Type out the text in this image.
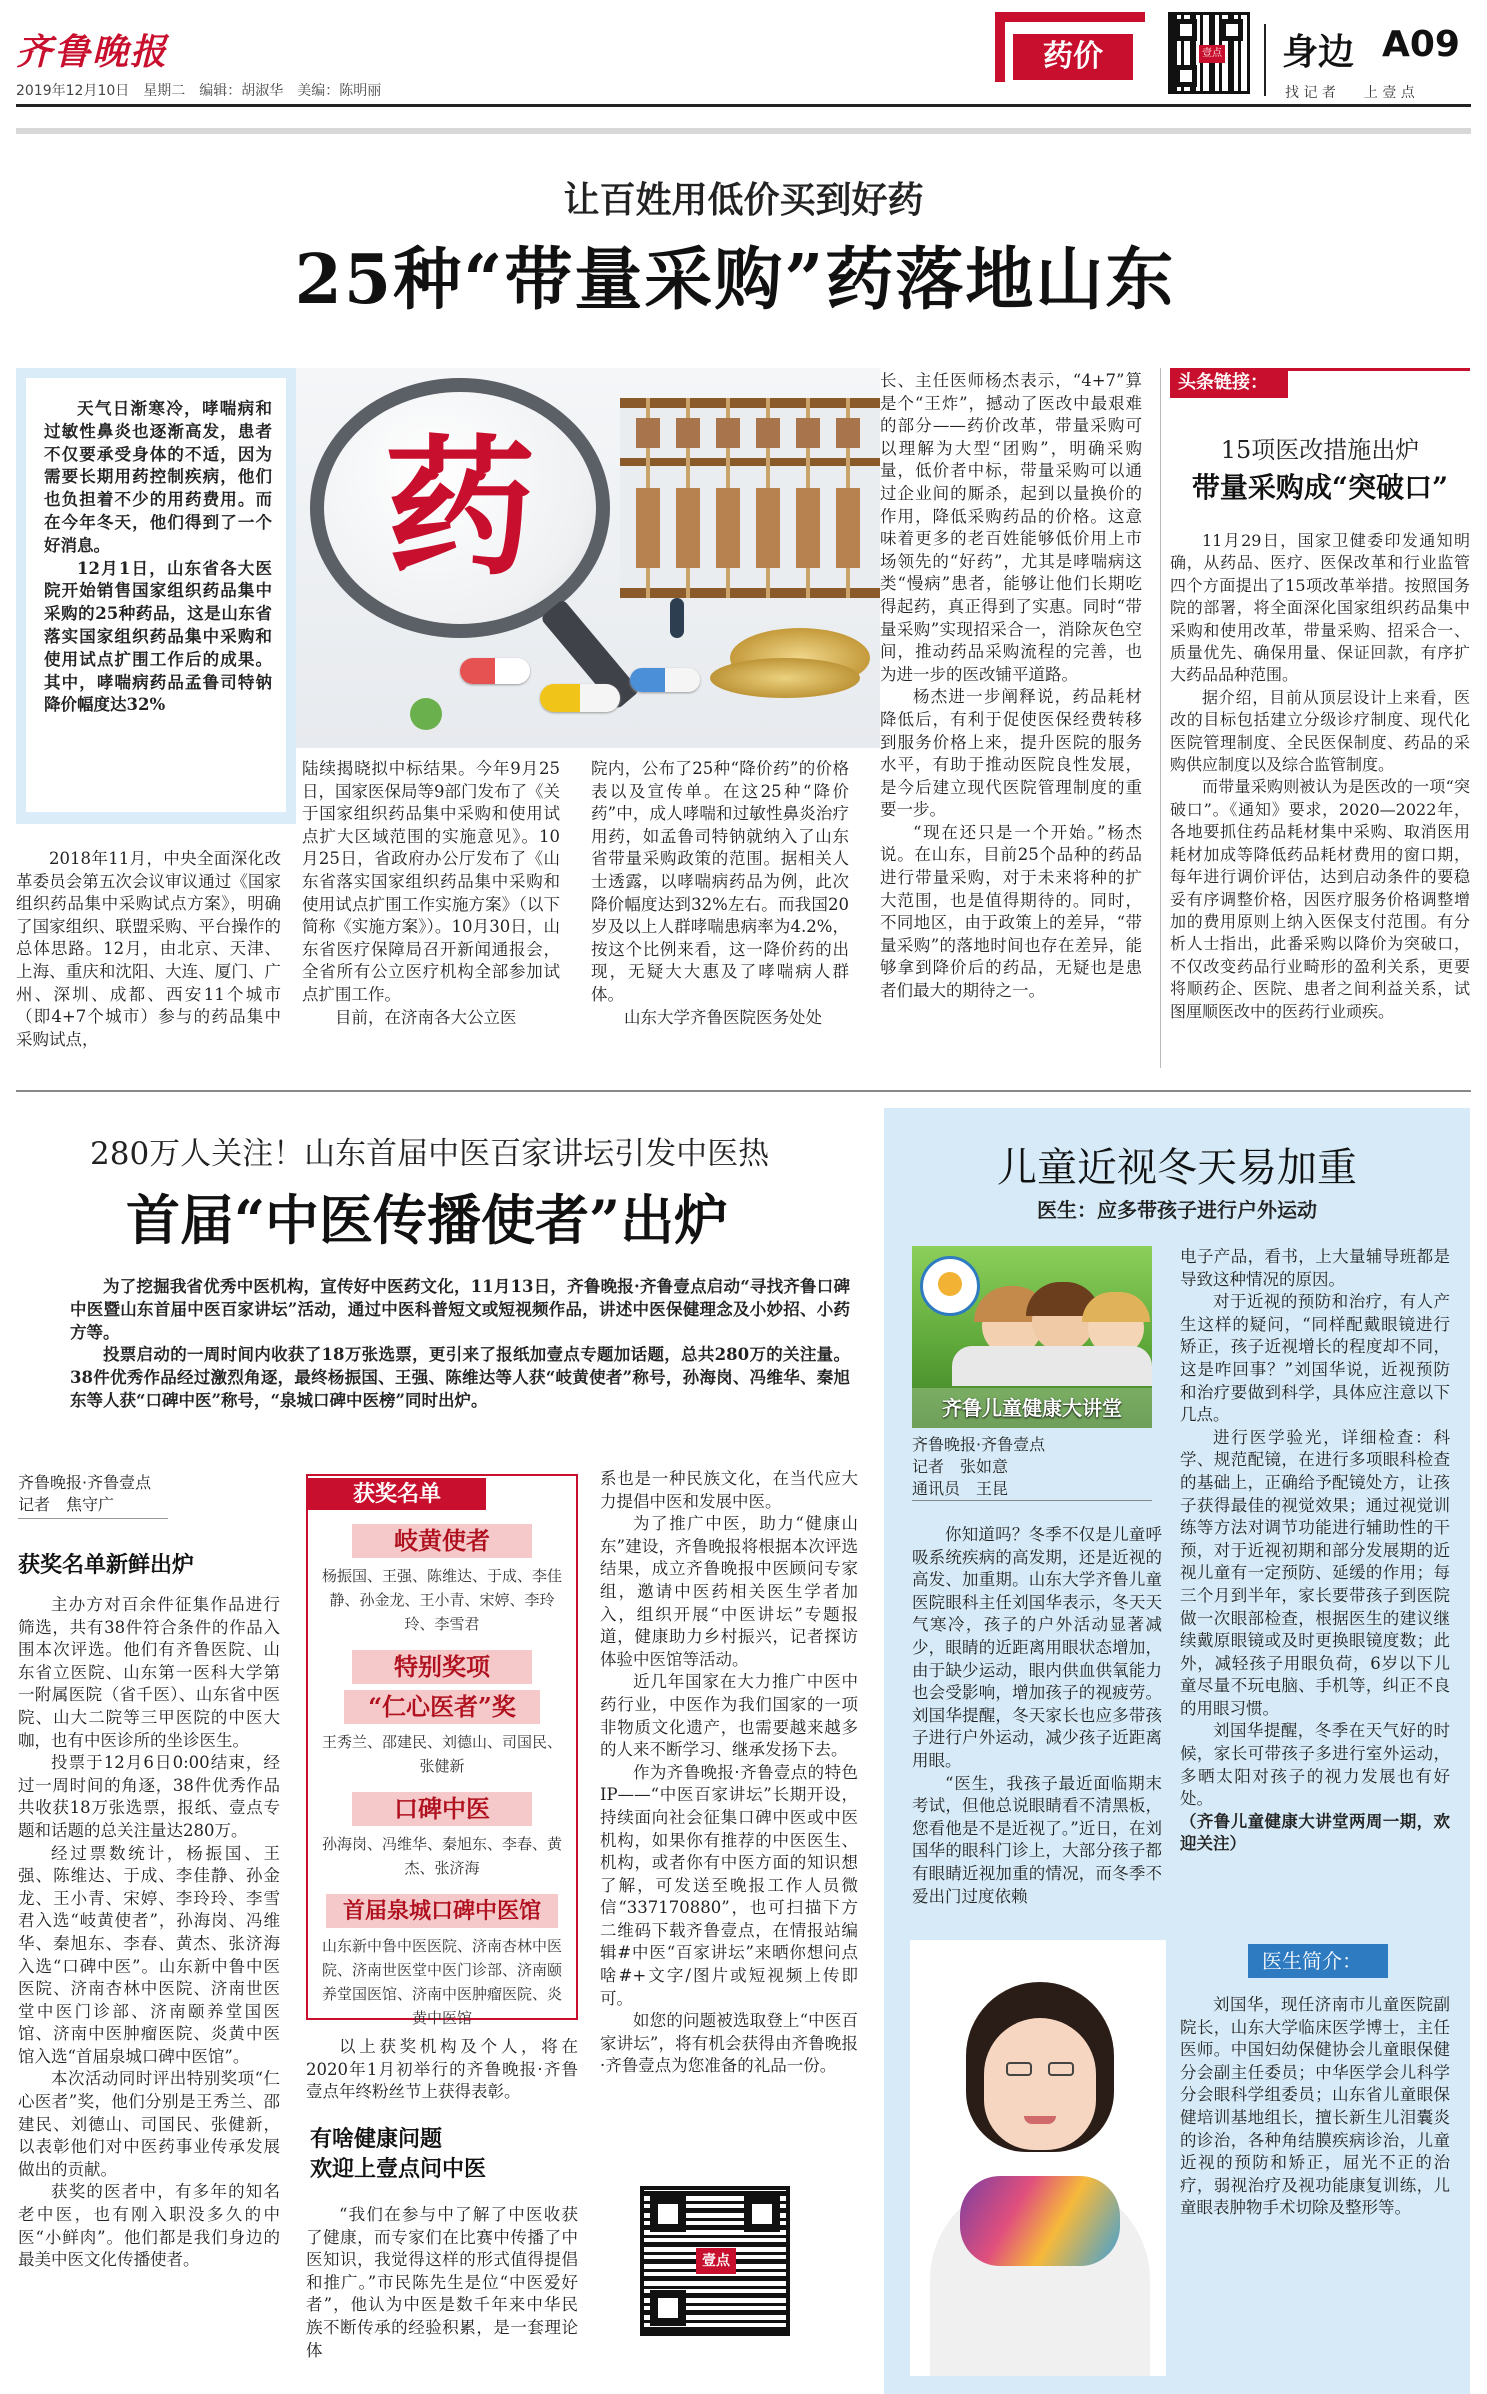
齐鲁晚报
2019年12月10日　星期二　编辑：胡淑华　美编：陈明丽
药价	壹点 身边 A09
找 记 者　　上 壹 点
让百姓用低价买到好药
25种“带量采购”药落地山东
药

天气日渐寒冷，哮喘病和过敏性鼻炎也逐渐高发，患者不仅要承受身体的不适，因为需要长期用药控制疾病，他们也负担着不少的用药费用。而在今年冬天，他们得到了一个好消息。

12月1日，山东省各大医院开始销售国家组织药品集中采购的25种药品，这是山东省落实国家组织药品集中采购和使用试点扩围工作后的成果。其中，哮喘病药品孟鲁司特钠降价幅度达32%

2018年11月，中央全面深化改革委员会第五次会议审议通过《国家组织药品集中采购试点方案》，明确了国家组织、联盟采购、平台操作的总体思路。12月，由北京、天津、上海、重庆和沈阳、大连、厦门、广州、深圳、成都、西安11个城市（即4+7个城市）参与的药品集中采购试点，

陆续揭晓拟中标结果。今年9月25日，国家医保局等9部门发布了《关于国家组织药品集中采购和使用试点扩大区域范围的实施意见》。10月25日，省政府办公厅发布了《山东省落实国家组织药品集中采购和使用试点扩围工作实施方案》（以下简称《实施方案》）。10月30日，山东省医疗保障局召开新闻通报会，全省所有公立医疗机构全部参加试点扩围工作。

目前，在济南各大公立医

院内，公布了25种“降价药”的价格表以及宣传单。在这25种“降价药”中，成人哮喘和过敏性鼻炎治疗用药，如孟鲁司特钠就纳入了山东省带量采购政策的范围。据相关人士透露，以哮喘病药品为例，此次降价幅度达到32%左右。而我国20岁及以上人群哮喘患病率为4.2%，按这个比例来看，这一降价药的出现，无疑大大惠及了哮喘病人群体。

山东大学齐鲁医院医务处处

长、主任医师杨杰表示，“4+7”算是个“王炸”，撼动了医改中最艰难的部分——药价改革，带量采购可以理解为大型“团购”，明确采购量，低价者中标，带量采购可以通过企业间的厮杀，起到以量换价的作用，降低采购药品的价格。这意味着更多的老百姓能够低价用上市场领先的“好药”，尤其是哮喘病这类“慢病”患者，能够让他们长期吃得起药，真正得到了实惠。同时“带量采购”实现招采合一，消除灰色空间，推动药品采购流程的完善，也为进一步的医改铺平道路。

杨杰进一步阐释说，药品耗材降低后，有利于促使医保经费转移到服务价格上来，提升医院的服务水平，有助于推动医院良性发展，是今后建立现代医院管理制度的重要一步。

“现在还只是一个开始。”杨杰说。在山东，目前25个品种的药品进行带量采购，对于未来将种的扩大范围，也是值得期待的。同时，不同地区，由于政策上的差异，“带量采购”的落地时间也存在差异，能够拿到降价后的药品，无疑也是患者们最大的期待之一。

头条链接：
15项医改措施出炉
带量采购成“突破口”

11月29日，国家卫健委印发通知明确，从药品、医疗、医保改革和行业监管四个方面提出了15项改革举措。按照国务院的部署，将全面深化国家组织药品集中采购和使用改革，带量采购、招采合一、质量优先、确保用量、保证回款，有序扩大药品品种范围。

据介绍，目前从顶层设计上来看，医改的目标包括建立分级诊疗制度、现代化医院管理制度、全民医保制度、药品的采购供应制度以及综合监管制度。

而带量采购则被认为是医改的一项“突破口”。《通知》要求，2020—2022年，各地要抓住药品耗材集中采购、取消医用耗材加成等降低药品耗材费用的窗口期，每年进行调价评估，达到启动条件的要稳妥有序调整价格，因医疗服务价格调整增加的费用原则上纳入医保支付范围。有分析人士指出，此番采购以降价为突破口，不仅改变药品行业畸形的盈利关系，更要将顺药企、医院、患者之间利益关系，试图厘顺医改中的医药行业顽疾。

280万人关注！山东首届中医百家讲坛引发中医热
首届“中医传播使者”出炉

为了挖掘我省优秀中医机构，宣传好中医药文化，11月13日，齐鲁晚报·齐鲁壹点启动“寻找齐鲁口碑中医暨山东首届中医百家讲坛”活动，通过中医科普短文或短视频作品，讲述中医保健理念及小妙招、小药方等。

投票启动的一周时间内收获了18万张选票，更引来了报纸加壹点专题加话题，总共280万的关注量。38件优秀作品经过激烈角逐，最终杨振国、王强、陈维达等人获“岐黄使者”称号，孙海岗、冯维华、秦旭东等人获“口碑中医”称号，“泉城口碑中医榜”同时出炉。

齐鲁晚报·齐鲁壹点
记者　焦守广
获奖名单新鲜出炉

主办方对百余件征集作品进行筛选，共有38件符合条件的作品入围本次评选。他们有齐鲁医院、山东省立医院、山东第一医科大学第一附属医院（省千医）、山东省中医院、山大二院等三甲医院的中医大咖，也有中医诊所的坐诊医生。

投票于12月6日0:00结束，经过一周时间的角逐，38件优秀作品共收获18万张选票，报纸、壹点专题和话题的总关注量达280万。

经过票数统计，杨振国、王强、陈维达、于成、李佳静、孙金龙、王小青、宋婷、李玲玲、李雪君入选“岐黄使者”，孙海岗、冯维华、秦旭东、李春、黄杰、张济海入选“口碑中医”。山东新中鲁中医医院、济南杏林中医院、济南世医堂中医门诊部、济南颐养堂国医馆、济南中医肿瘤医院、炎黄中医馆入选“首届泉城口碑中医馆”。

本次活动同时评出特别奖项“仁心医者”奖，他们分别是王秀兰、邵建民、刘德山、司国民、张健新，以表彰他们对中医药事业传承发展做出的贡献。

获奖的医者中，有多年的知名老中医，也有刚入职没多久的中医“小鲜肉”。他们都是我们身边的最美中医文化传播使者。

获奖名单
岐黄使者
杨振国、王强、陈维达、于成、李佳静、孙金龙、王小青、宋婷、李玲玲、李雪君
特别奖项
“仁心医者”奖
王秀兰、邵建民、刘德山、司国民、张健新
口碑中医
孙海岗、冯维华、秦旭东、李春、黄杰、张济海
首届泉城口碑中医馆
山东新中鲁中医医院、济南杏林中医院、济南世医堂中医门诊部、济南颐养堂国医馆、济南中医肿瘤医院、炎黄中医馆

以上获奖机构及个人，将在2020年1月初举行的齐鲁晚报·齐鲁壹点年终粉丝节上获得表彰。

有啥健康问题
欢迎上壹点问中医

“我们在参与中了解了中医收获了健康，而专家们在比赛中传播了中医知识，我觉得这样的形式值得提倡和推广。”市民陈先生是位“中医爱好者”，他认为中医是数千年来中华民族不断传承的经验积累，是一套理论体

系也是一种民族文化，在当代应大力提倡中医和发展中医。

为了推广中医，助力“健康山东”建设，齐鲁晚报将根据本次评选结果，成立齐鲁晚报中医顾问专家组，邀请中医药相关医生学者加入，组织开展“中医讲坛”专题报道，健康助力乡村振兴，记者探访体验中医馆等活动。

近几年国家在大力推广中医中药行业，中医作为我们国家的一项非物质文化遗产，也需要越来越多的人来不断学习、继承发扬下去。

作为齐鲁晚报·齐鲁壹点的特色IP——“中医百家讲坛”长期开设，持续面向社会征集口碑中医或中医机构，如果你有推荐的中医医生、机构，或者你有中医方面的知识想了解，可发送至晚报工作人员微信“337170880”，也可扫描下方二维码下载齐鲁壹点，在情报站编辑#中医“百家讲坛”来晒你想问点啥#+文字/图片或短视频上传即可。

如您的问题被选取登上“中医百家讲坛”，将有机会获得由齐鲁晚报·齐鲁壹点为您准备的礼品一份。

壹点
儿童近视冬天易加重
医生：应多带孩子进行户外运动
齐鲁儿童健康大讲堂
齐鲁晚报·齐鲁壹点
记者　张如意
通讯员　王昆

你知道吗？冬季不仅是儿童呼吸系统疾病的高发期，还是近视的高发、加重期。山东大学齐鲁儿童医院眼科主任刘国华表示，冬天天气寒冷，孩子的户外活动显著减少，眼睛的近距离用眼状态增加，由于缺少运动，眼内供血供氧能力也会受影响，增加孩子的视疲劳。刘国华提醒，冬天家长也应多带孩子进行户外运动，减少孩子近距离用眼。

“医生，我孩子最近面临期末考试，但他总说眼睛看不清黑板，您看他是不是近视了。”近日，在刘国华的眼科门诊上，大部分孩子都有眼睛近视加重的情况，而冬季不爱出门过度依赖

电子产品，看书，上大量辅导班都是导致这种情况的原因。

对于近视的预防和治疗，有人产生这样的疑问，“同样配戴眼镜进行矫正，孩子近视增长的程度却不同，这是咋回事？”刘国华说，近视预防和治疗要做到科学，具体应注意以下几点。

进行医学验光，详细检查：科学、规范配镜，在进行多项眼科检查的基础上，正确给予配镜处方，让孩子获得最佳的视觉效果；通过视觉训练等方法对调节功能进行辅助性的干预，对于近视初期和部分发展期的近视儿童有一定预防、延缓的作用；每三个月到半年，家长要带孩子到医院做一次眼部检查，根据医生的建议继续戴原眼镜或及时更换眼镜度数；此外，减轻孩子用眼负荷，6岁以下儿童尽量不玩电脑、手机等，纠正不良的用眼习惯。

刘国华提醒，冬季在天气好的时候，家长可带孩子多进行室外运动，多晒太阳对孩子的视力发展也有好处。

（齐鲁儿童健康大讲堂两周一期，欢迎关注）

医生简介：

刘国华，现任济南市儿童医院副院长，山东大学临床医学博士，主任医师。中国妇幼保健协会儿童眼保健分会副主任委员；中华医学会儿科学分会眼科学组委员；山东省儿童眼保健培训基地组长，擅长新生儿泪囊炎的诊治，各种角结膜疾病诊治，儿童近视的预防和矫正，屈光不正的治疗，弱视治疗及视功能康复训练，儿童眼表肿物手术切除及整形等。
